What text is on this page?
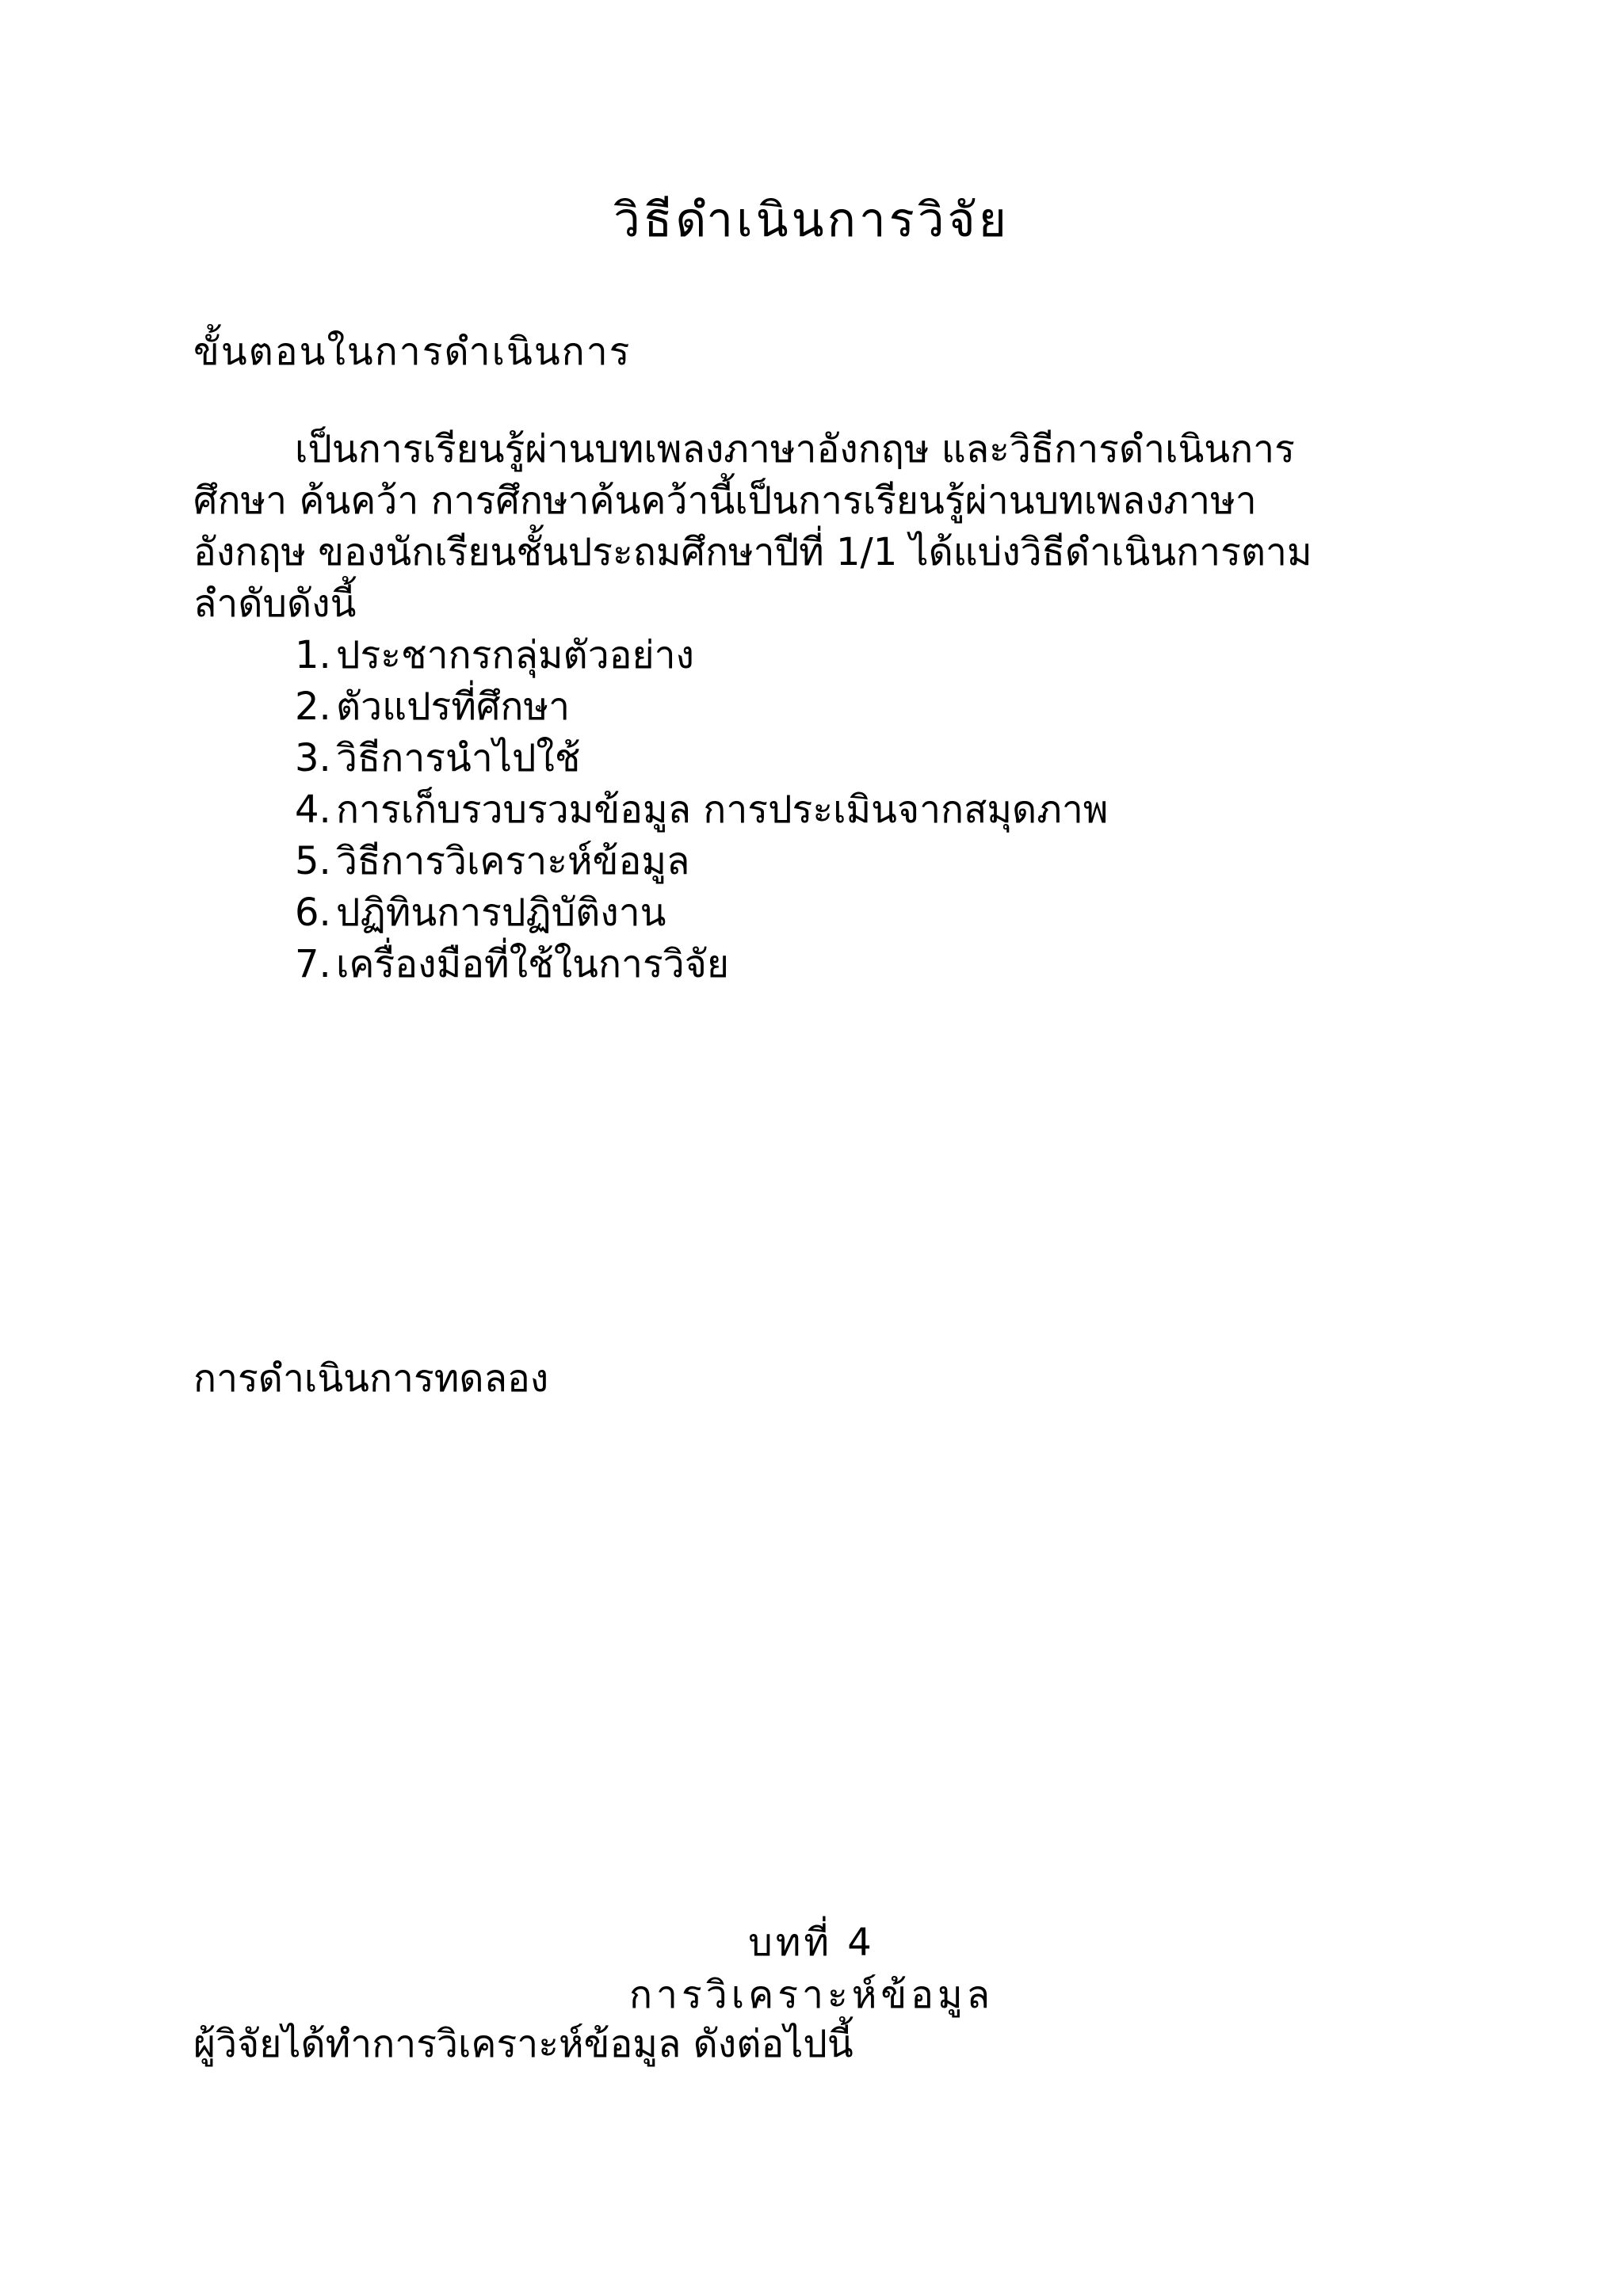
วิธีดำเนินการวิจัย
ขั้นตอนในการดำเนินการ
เป็นการเรียนรู้ผ่านบทเพลงภาษาอังกฤษ และวิธีการดำเนินการ
ศึกษา ค้นคว้า การศึกษาค้นคว้านี้เป็นการเรียนรู้ผ่านบทเพลงภาษา
อังกฤษ ของนักเรียนชั้นประถมศึกษาปีที่ 1/1 ได้แบ่งวิธีดำเนินการตาม
ลำดับดังนี้
1. ประชากรกลุ่มตัวอย่าง
2. ตัวแปรที่ศึกษา
3. วิธีการนำไปใช้
4. การเก็บรวบรวมข้อมูล การประเมินจากสมุดภาพ
5. วิธีการวิเคราะห์ข้อมูล
6. ปฏิทินการปฏิบัติงาน
7. เครื่องมือที่ใช้ในการวิจัย
การดำเนินการทดลอง
บทที่ 4
การวิเคราะห์ข้อมูล
ผู้วิจัยได้ทำการวิเคราะห์ข้อมูล ดังต่อไปนี้
